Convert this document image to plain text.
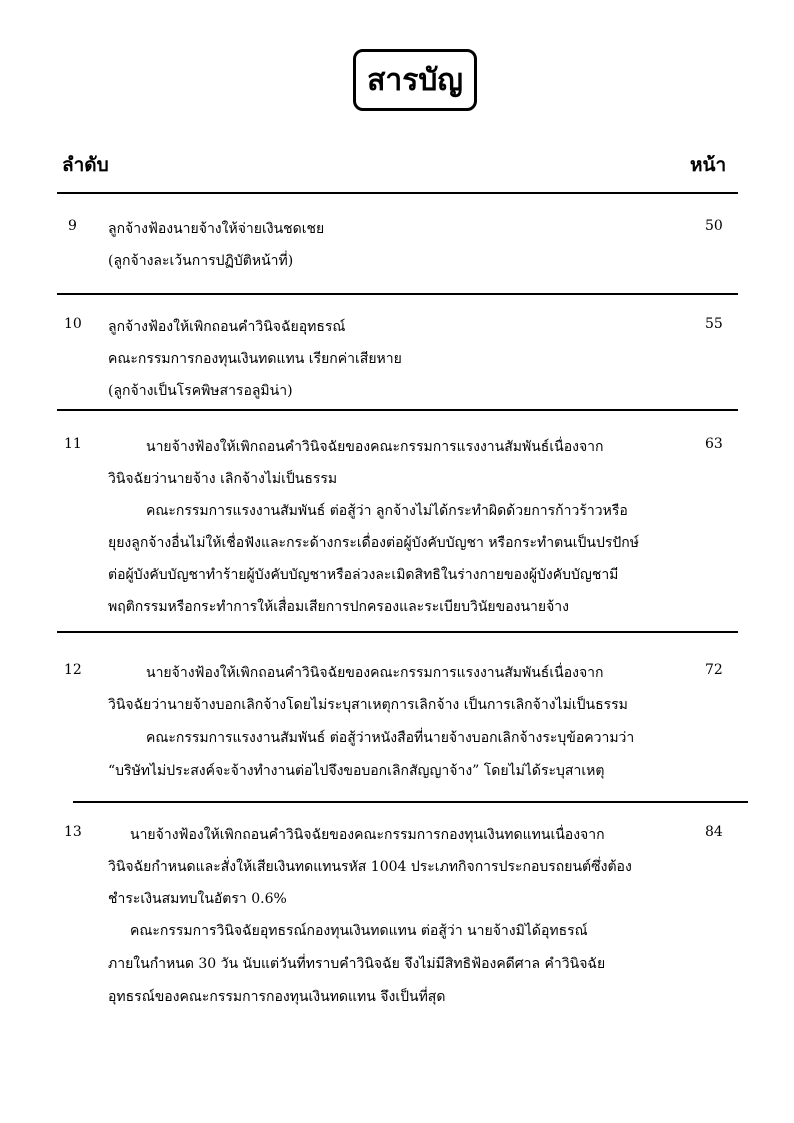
สารบัญ
ลำดับ	หน้า
9	50
ลูกจ้างฟ้องนายจ้างให้จ่ายเงินชดเชย
(ลูกจ้างละเว้นการปฏิบัติหน้าที่)
10	55
ลูกจ้างฟ้องให้เพิกถอนคำวินิจฉัยอุทธรณ์
คณะกรรมการกองทุนเงินทดแทน เรียกค่าเสียหาย
(ลูกจ้างเป็นโรคพิษสารอลูมิน่า)
11	63
นายจ้างฟ้องให้เพิกถอนคำวินิจฉัยของคณะกรรมการแรงงานสัมพันธ์เนื่องจาก
วินิจฉัยว่านายจ้าง เลิกจ้างไม่เป็นธรรม
คณะกรรมการแรงงานสัมพันธ์ ต่อสู้ว่า ลูกจ้างไม่ได้กระทำผิดด้วยการก้าวร้าวหรือ
ยุยงลูกจ้างอื่นไม่ให้เชื่อฟังและกระด้างกระเดื่องต่อผู้บังคับบัญชา หรือกระทำตนเป็นปรปักษ์
ต่อผู้บังคับบัญชาทำร้ายผู้บังคับบัญชาหรือล่วงละเมิดสิทธิในร่างกายของผู้บังคับบัญชามี
พฤติกรรมหรือกระทำการให้เสื่อมเสียการปกครองและระเบียบวินัยของนายจ้าง
12	72
นายจ้างฟ้องให้เพิกถอนคำวินิจฉัยของคณะกรรมการแรงงานสัมพันธ์เนื่องจาก
วินิจฉัยว่านายจ้างบอกเลิกจ้างโดยไม่ระบุสาเหตุการเลิกจ้าง เป็นการเลิกจ้างไม่เป็นธรรม
คณะกรรมการแรงงานสัมพันธ์ ต่อสู้ว่าหนังสือที่นายจ้างบอกเลิกจ้างระบุข้อความว่า
“บริษัทไม่ประสงค์จะจ้างทำงานต่อไปจึงขอบอกเลิกสัญญาจ้าง” โดยไม่ได้ระบุสาเหตุ
13	84
นายจ้างฟ้องให้เพิกถอนคำวินิจฉัยของคณะกรรมการกองทุนเงินทดแทนเนื่องจาก
วินิจฉัยกำหนดและสั่งให้เสียเงินทดแทนรหัส 1004 ประเภทกิจการประกอบรถยนต์ซึ่งต้อง
ชำระเงินสมทบในอัตรา 0.6%
คณะกรรมการวินิจฉัยอุทธรณ์กองทุนเงินทดแทน ต่อสู้ว่า นายจ้างมิได้อุทธรณ์
ภายในกำหนด 30 วัน นับแต่วันที่ทราบคำวินิจฉัย จึงไม่มีสิทธิฟ้องคดีศาล คำวินิจฉัย
อุทธรณ์ของคณะกรรมการกองทุนเงินทดแทน จึงเป็นที่สุด
